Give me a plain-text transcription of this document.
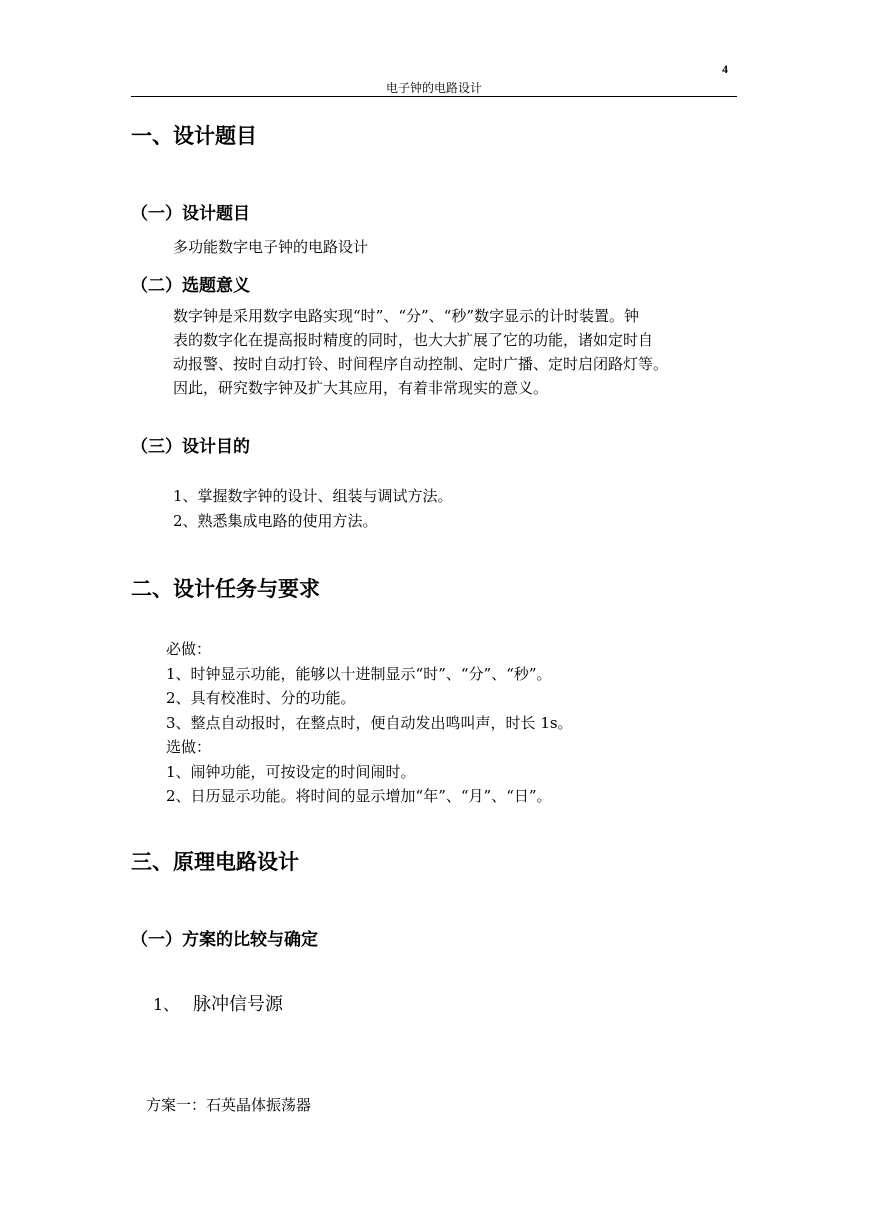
4
电子钟的电路设计
一、设计题目
（一）设计题目
多功能数字电子钟的电路设计
（二）选题意义

数字钟是采用数字电路实现“时”、“分”、“秒”数字显示的计时装置。钟

表的数字化在提高报时精度的同时，也大大扩展了它的功能，诸如定时自

动报警、按时自动打铃、时间程序自动控制、定时广播、定时启闭路灯等。

因此，研究数字钟及扩大其应用，有着非常现实的意义。

（三）设计目的
1、掌握数字钟的设计、组装与调试方法。
2、熟悉集成电路的使用方法。
二、设计任务与要求
必做：
1、时钟显示功能，能够以十进制显示“时”、“分”、“秒”。
2、具有校准时、分的功能。
3、整点自动报时，在整点时，便自动发出鸣叫声，时长 1s。
选做：
1、闹钟功能，可按设定的时间闹时。
2、日历显示功能。将时间的显示增加“年”、“月”、“日”。
三、原理电路设计
（一）方案的比较与确定
1、 脉冲信号源
方案一：石英晶体振荡器
